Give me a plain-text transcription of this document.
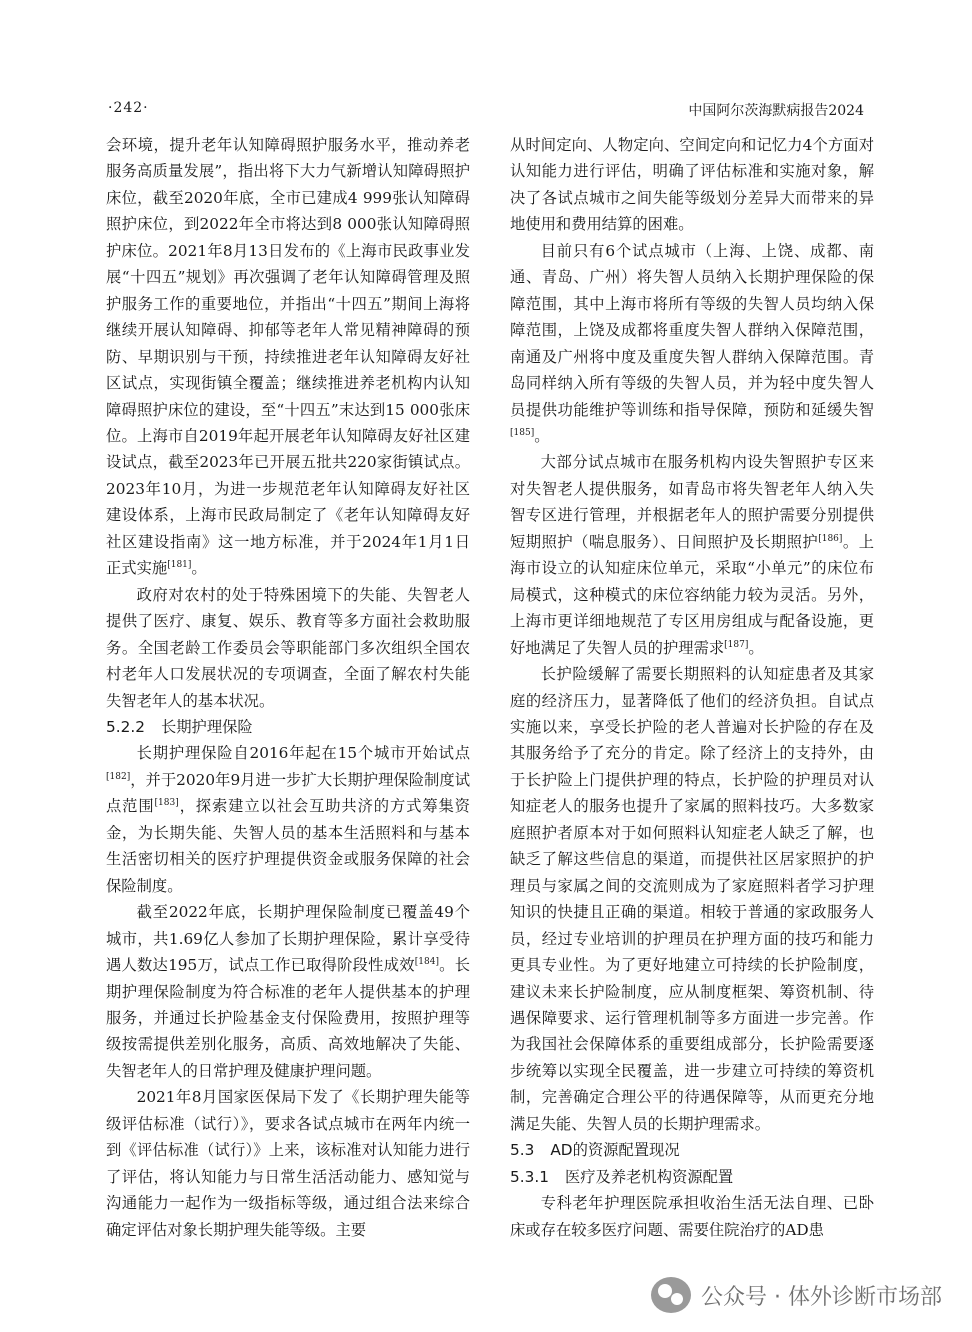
·242·	中国阿尔茨海默病报告2024

会环境，提升老年认知障碍照护服务水平，推动养老服务高质量发展”，指出将下大力气新增认知障碍照护床位，截至2020年底，全市已建成4 999张认知障碍照护床位，到2022年全市将达到8 000张认知障碍照护床位。2021年8月13日发布的《上海市民政事业发展“十四五”规划》再次强调了老年认知障碍管理及照护服务工作的重要地位，并指出“十四五”期间上海将继续开展认知障碍、抑郁等老年人常见精神障碍的预防、早期识别与干预，持续推进老年认知障碍友好社区试点，实现街镇全覆盖；继续推进养老机构内认知障碍照护床位的建设，至“十四五”末达到15 000张床位。上海市自2019年起开展老年认知障碍友好社区建设试点，截至2023年已开展五批共220家街镇试点。2023年10月，为进一步规范老年认知障碍友好社区建设体系，上海市民政局制定了《老年认知障碍友好社区建设指南》这一地方标准，并于2024年1月1日正式实施[181]。

政府对农村的处于特殊困境下的失能、失智老人提供了医疗、康复、娱乐、教育等多方面社会救助服务。全国老龄工作委员会等职能部门多次组织全国农村老年人口发展状况的专项调查，全面了解农村失能失智老年人的基本状况。

5.2.2 长期护理保险

长期护理保险自2016年起在15个城市开始试点[182]，并于2020年9月进一步扩大长期护理保险制度试点范围[183]，探索建立以社会互助共济的方式筹集资金，为长期失能、失智人员的基本生活照料和与基本生活密切相关的医疗护理提供资金或服务保障的社会保险制度。

截至2022年底，长期护理保险制度已覆盖49个城市，共1.69亿人参加了长期护理保险，累计享受待遇人数达195万，试点工作已取得阶段性成效[184]。长期护理保险制度为符合标准的老年人提供基本的护理服务，并通过长护险基金支付保险费用，按照护理等级按需提供差别化服务，高质、高效地解决了失能、失智老年人的日常护理及健康护理问题。

2021年8月国家医保局下发了《长期护理失能等级评估标准（试行）》，要求各试点城市在两年内统一到《评估标准（试行）》上来，该标准对认知能力进行了评估，将认知能力与日常生活活动能力、感知觉与沟通能力一起作为一级指标等级，通过组合法来综合确定评估对象长期护理失能等级。主要

从时间定向、人物定向、空间定向和记忆力4个方面对认知能力进行评估，明确了评估标准和实施对象，解决了各试点城市之间失能等级划分差异大而带来的异地使用和费用结算的困难。

目前只有6个试点城市（上海、上饶、成都、南通、青岛、广州）将失智人员纳入长期护理保险的保障范围，其中上海市将所有等级的失智人员均纳入保障范围，上饶及成都将重度失智人群纳入保障范围，南通及广州将中度及重度失智人群纳入保障范围。青岛同样纳入所有等级的失智人员，并为轻中度失智人员提供功能维护等训练和指导保障，预防和延缓失智[185]。

大部分试点城市在服务机构内设失智照护专区来对失智老人提供服务，如青岛市将失智老年人纳入失智专区进行管理，并根据老年人的照护需要分别提供短期照护（喘息服务）、日间照护及长期照护[186]。上海市设立的认知症床位单元，采取“小单元”的床位布局模式，这种模式的床位容纳能力较为灵活。另外，上海市更详细地规范了专区用房组成与配备设施，更好地满足了失智人员的护理需求[187]。

长护险缓解了需要长期照料的认知症患者及其家庭的经济压力，显著降低了他们的经济负担。自试点实施以来，享受长护险的老人普遍对长护险的存在及其服务给予了充分的肯定。除了经济上的支持外，由于长护险上门提供护理的特点，长护险的护理员对认知症老人的服务也提升了家属的照料技巧。大多数家庭照护者原本对于如何照料认知症老人缺乏了解，也缺乏了解这些信息的渠道，而提供社区居家照护的护理员与家属之间的交流则成为了家庭照料者学习护理知识的快捷且正确的渠道。相较于普通的家政服务人员，经过专业培训的护理员在护理方面的技巧和能力更具专业性。为了更好地建立可持续的长护险制度，建议未来长护险制度，应从制度框架、筹资机制、待遇保障要求、运行管理机制等多方面进一步完善。作为我国社会保障体系的重要组成部分，长护险需要逐步统筹以实现全民覆盖，进一步建立可持续的筹资机制，完善确定合理公平的待遇保障等，从而更充分地满足失能、失智人员的长期护理需求。

5.3 AD的资源配置现况
5.3.1 医疗及养老机构资源配置

专科老年护理医院承担收治生活无法自理、已卧床或存在较多医疗问题、需要住院治疗的AD患

公众号 · 体外诊断市场部
